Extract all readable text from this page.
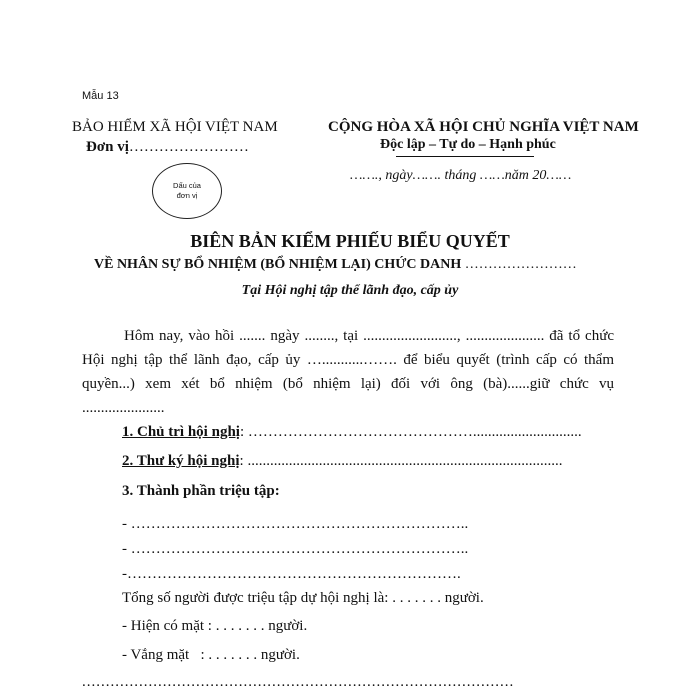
Mẫu 13
BẢO HIỂM XÃ HỘI VIỆT NAM
Đơn vị……………………
Dấu của đơn vị
CỘNG HÒA XÃ HỘI CHỦ NGHĨA VIỆT NAM
Độc lập – Tự do – Hạnh phúc
……., ngày……. tháng ……năm 20……
BIÊN BẢN KIỂM PHIẾU BIỂU QUYẾT
VỀ NHÂN SỰ BỔ NHIỆM (BỔ NHIỆM LẠI) CHỨC DANH ……………………
Tại Hội nghị tập thể lãnh đạo, cấp ủy
Hôm nay, vào hồi ....... ngày ........, tại ........................., ..................... đã tổ chức Hội nghị tập thể lãnh đạo, cấp ủy …...........……. để biểu quyết (trình cấp có thẩm quyền...) xem xét bổ nhiệm (bổ nhiệm lại) đối với ông (bà)......giữ chức vụ ......................
1. Chủ trì hội nghị: ……………………………………….............................
2. Thư ký hội nghị: ....................................................................................
3. Thành phần triệu tập:
- …………………………………………………………..
- …………………………………………………………..
-………………………………………………………….
Tổng số người được triệu tập dự hội nghị là: . . . . . . . người.
- Hiện có mặt : . . . . . . . người.
- Vắng mặt   : . . . . . . . người.
...........................................................................................
